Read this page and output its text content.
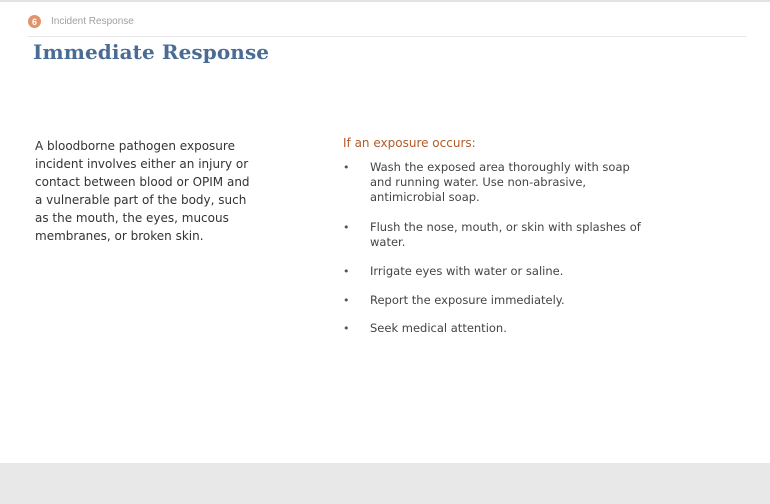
6	Incident Response
Immediate Response

A bloodborne pathogen exposure incident involves either an injury or contact between blood or OPIM and a vulnerable part of the body, such as the mouth, the eyes, mucous membranes, or broken skin.

If an exposure occurs:
• Wash the exposed area thoroughly with soap and running water. Use non-abrasive, antimicrobial soap.
• Flush the nose, mouth, or skin with splashes of water.
• Irrigate eyes with water or saline.
• Report the exposure immediately.
• Seek medical attention.
